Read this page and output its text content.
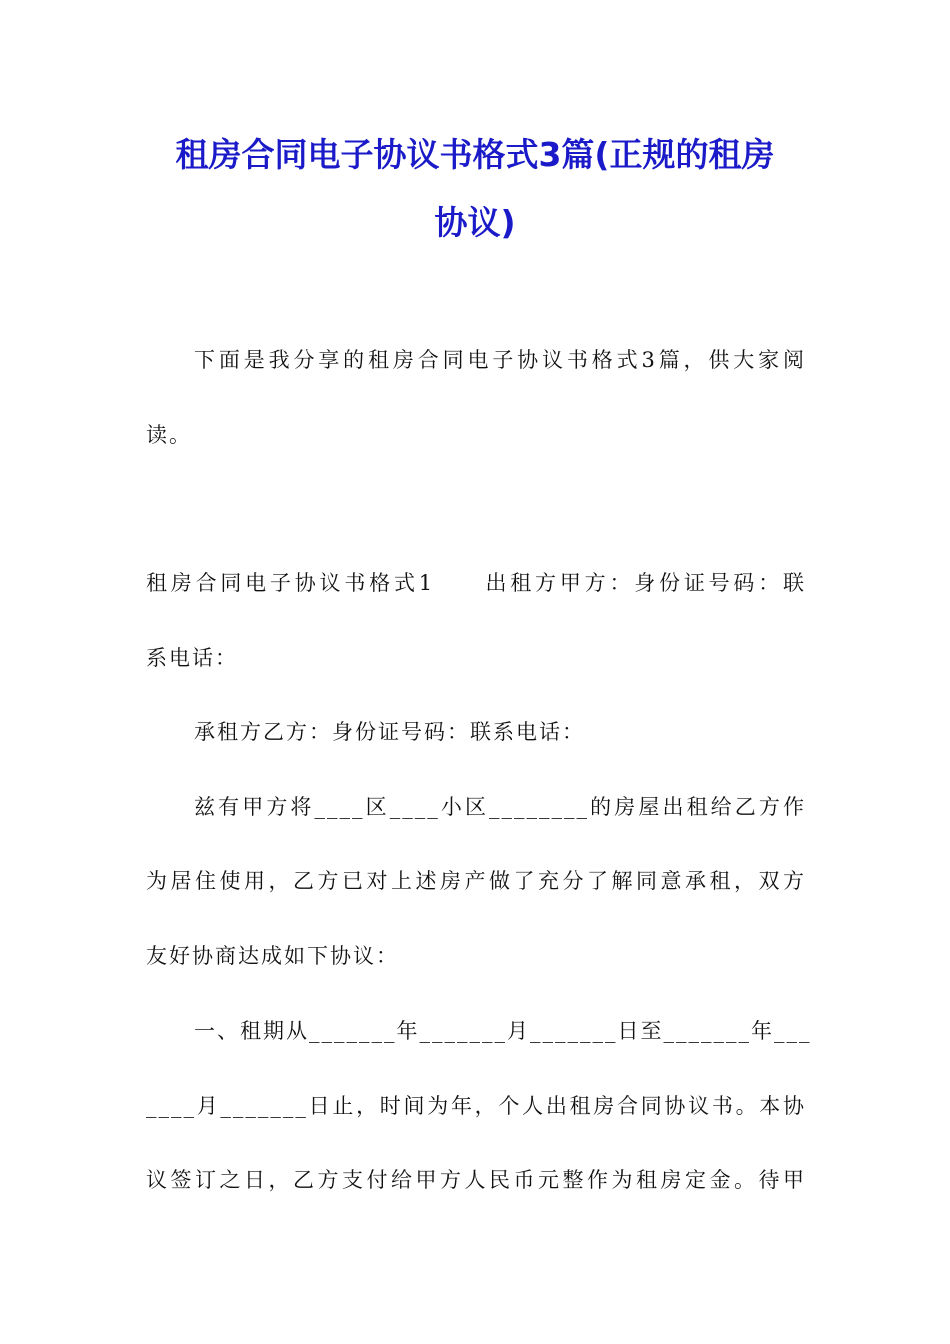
租房合同电子协议书格式3篇(正规的租房
协议)

下面是我分享的租房合同电子协议书格式3篇，供大家阅

读。

租房合同电子协议书格式1　　出租方甲方：身份证号码：联

系电话：

承租方乙方：身份证号码：联系电话：

兹有甲方将____区____小区________的房屋出租给乙方作

为居住使用，乙方已对上述房产做了充分了解同意承租，双方

友好协商达成如下协议：

一、租期从_______年_______月_______日至_______年___

____月_______日止，时间为年，个人出租房合同协议书。本协

议签订之日，乙方支付给甲方人民币元整作为租房定金。待甲
